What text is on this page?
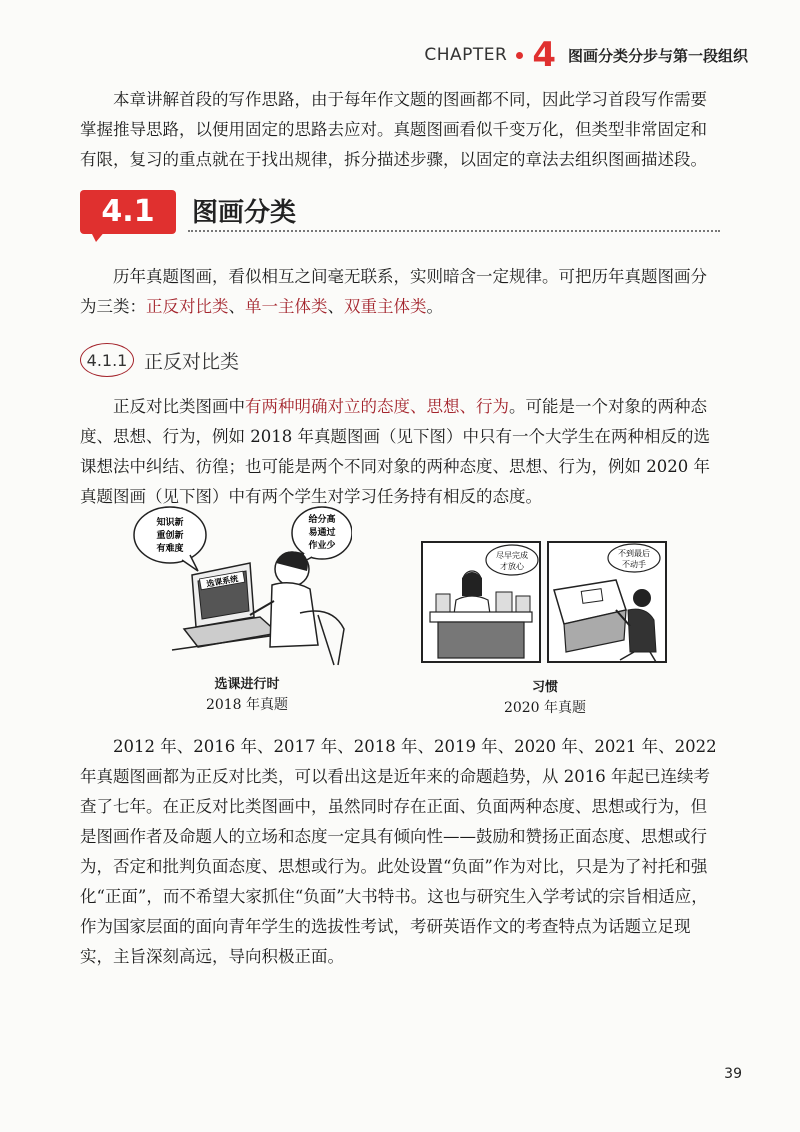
CHAPTER 4 图画分类分步与第一段组织

本章讲解首段的写作思路，由于每年作文题的图画都不同，因此学习首段写作需要掌握推导思路，以便用固定的思路去应对。真题图画看似千变万化，但类型非常固定和有限，复习的重点就在于找出规律，拆分描述步骤，以固定的章法去组织图画描述段。

4.1	图画分类

历年真题图画，看似相互之间毫无联系，实则暗含一定规律。可把历年真题图画分为三类：正反对比类、单一主体类、双重主体类。

4.1.1 正反对比类

正反对比类图画中有两种明确对立的态度、思想、行为。可能是一个对象的两种态度、思想、行为，例如 2018 年真题图画（见下图）中只有一个大学生在两种相反的选课想法中纠结、彷徨；也可能是两个不同对象的两种态度、思想、行为，例如 2020 年真题图画（见下图）中有两个学生对学习任务持有相反的态度。

知识新
重创新
有难度
给分高
易通过
作业少
选课系统
尽早完成
才放心
不到最后
不动手
选课进行时
2018 年真题
习惯
2020 年真题

2012 年、2016 年、2017 年、2018 年、2019 年、2020 年、2021 年、2022 年真题图画都为正反对比类，可以看出这是近年来的命题趋势，从 2016 年起已连续考查了七年。在正反对比类图画中，虽然同时存在正面、负面两种态度、思想或行为，但是图画作者及命题人的立场和态度一定具有倾向性——鼓励和赞扬正面态度、思想或行为，否定和批判负面态度、思想或行为。此处设置“负面”作为对比，只是为了衬托和强化“正面”，而不希望大家抓住“负面”大书特书。这也与研究生入学考试的宗旨相适应，作为国家层面的面向青年学生的选拔性考试，考研英语作文的考查特点为话题立足现实，主旨深刻高远，导向积极正面。

39
